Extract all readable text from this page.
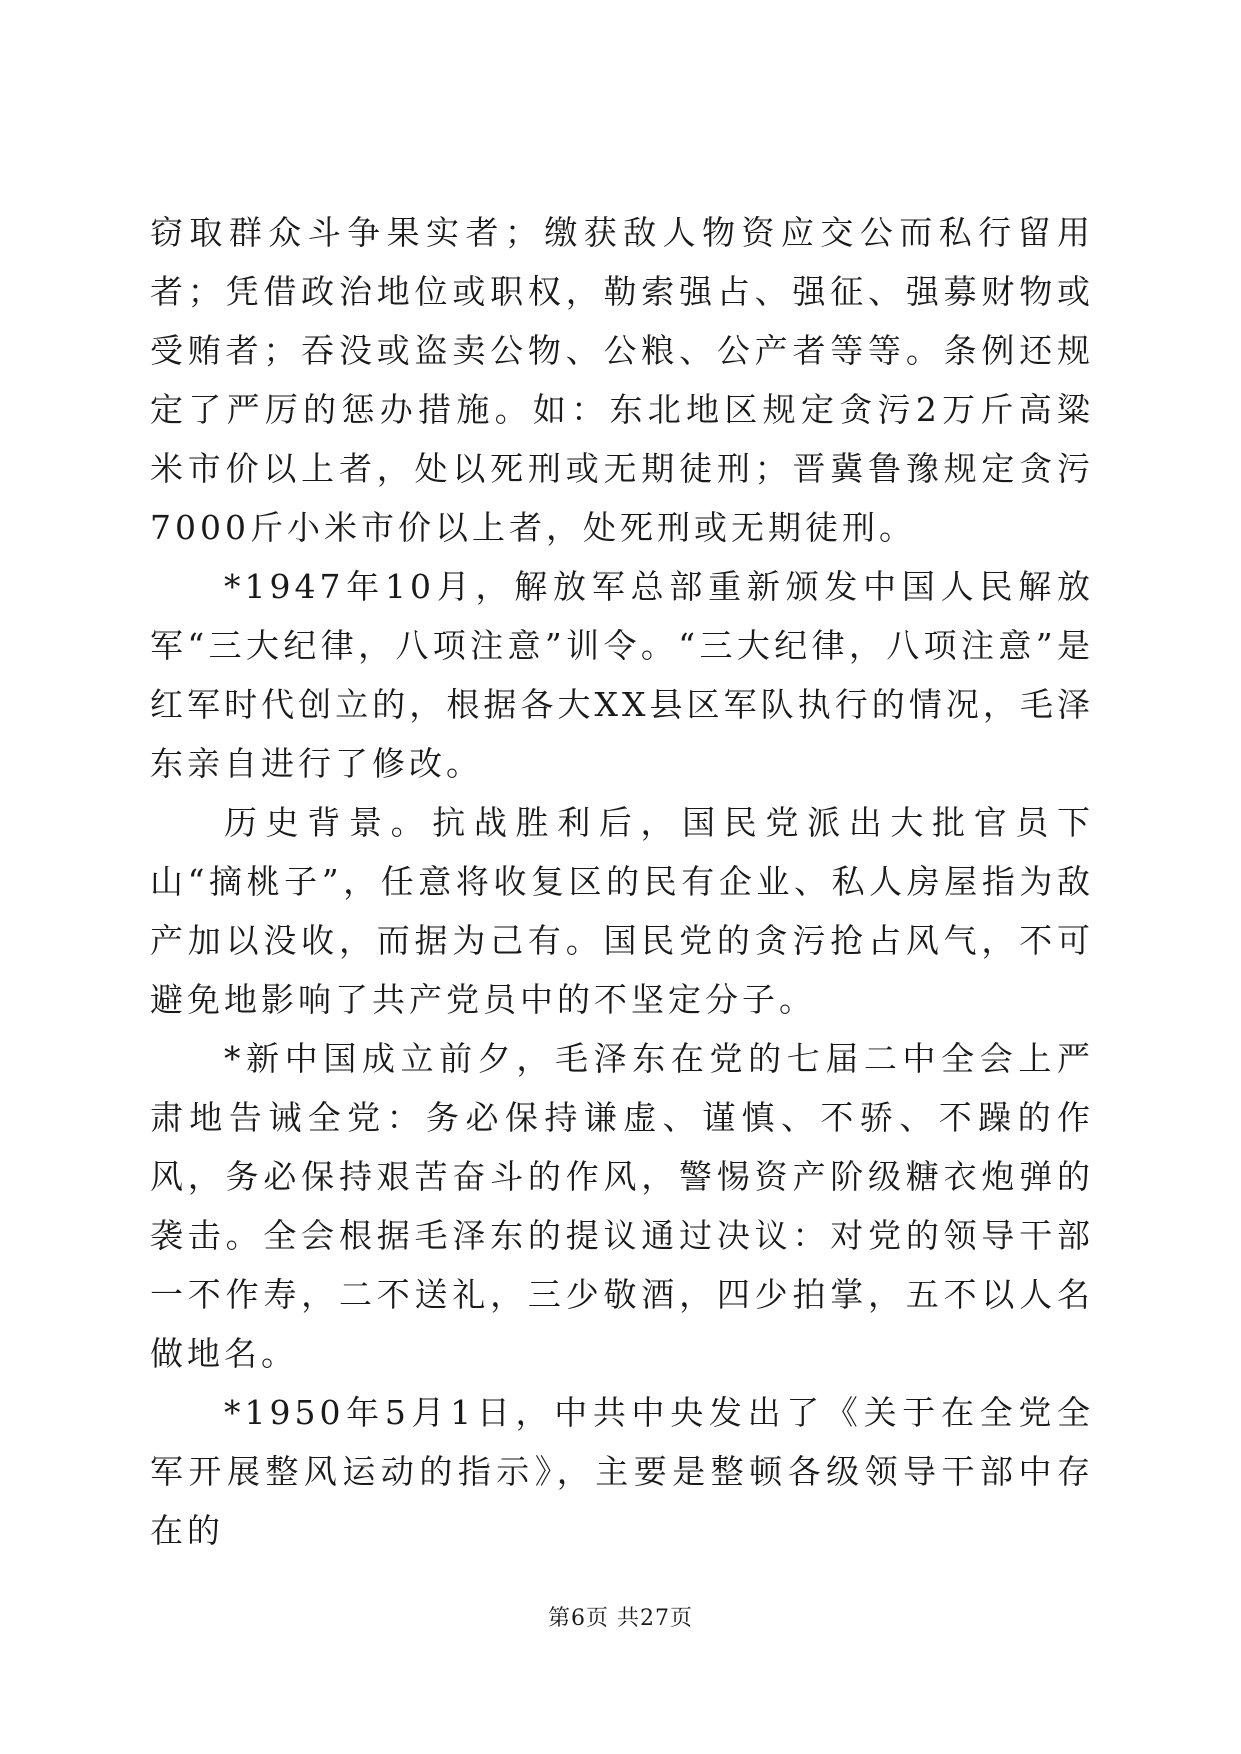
窃取群众斗争果实者；缴获敌人物资应交公而私行留用者；凭借政治地位或职权，勒索强占、强征、强募财物或受贿者；吞没或盗卖公物、公粮、公产者等等。条例还规定了严厉的惩办措施。如：东北地区规定贪污2万斤高粱米市价以上者，处以死刑或无期徒刑；晋冀鲁豫规定贪污7000斤小米市价以上者，处死刑或无期徒刑。

*1947年10月，解放军总部重新颁发中国人民解放军“三大纪律，八项注意”训令。“三大纪律，八项注意”是红军时代创立的，根据各大XX县区军队执行的情况，毛泽东亲自进行了修改。

历史背景。抗战胜利后，国民党派出大批官员下山“摘桃子”，任意将收复区的民有企业、私人房屋指为敌产加以没收，而据为己有。国民党的贪污抢占风气，不可避免地影响了共产党员中的不坚定分子。

*新中国成立前夕，毛泽东在党的七届二中全会上严肃地告诫全党：务必保持谦虚、谨慎、不骄、不躁的作风，务必保持艰苦奋斗的作风，警惕资产阶级糖衣炮弹的袭击。全会根据毛泽东的提议通过决议：对党的领导干部一不作寿，二不送礼，三少敬酒，四少拍掌，五不以人名做地名。

*1950年5月1日，中共中央发出了《关于在全党全军开展整风运动的指示》，主要是整顿各级领导干部中存在的

第6页 共27页
